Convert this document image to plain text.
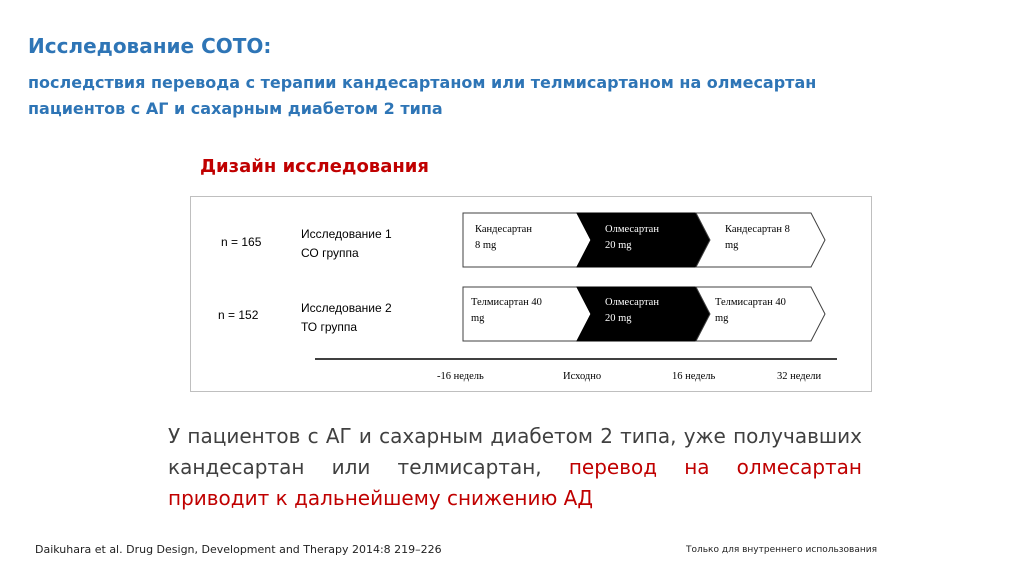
Исследование СОТО:
последствия перевода с терапии кандесартаном или телмисартаном на олмесартан
пациентов с АГ и сахарным диабетом 2 типа
Дизайн исследования
n = 165
Исследование 1
СО группа
n = 152	Исследование 2
ТО группа
Кандесартан
8 mg
Олмесартан
20 mg
Кандесартан 8
mg
Телмисартан 40
mg
Олмесартан
20 mg
Телмисартан 40
mg
-16 недель	Исходно	16 недель	32 недели
У пациентов с АГ и сахарным диабетом 2 типа, уже получавших кандесартан или телмисартан, перевод на олмесартан приводит к дальнейшему снижению АД
Daikuhara et al. Drug Design, Development and Therapy 2014:8 219–226	Только для внутреннего использования
